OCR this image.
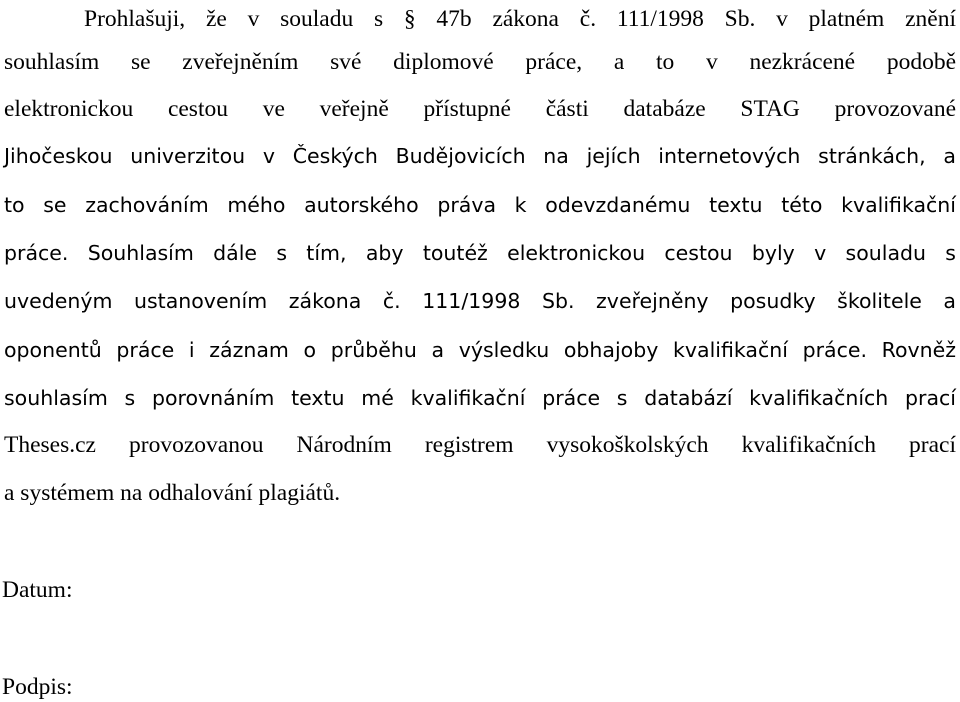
Prohlašuji, že v souladu s § 47b zákona č. 111/1998 Sb. v platném znění
souhlasím se zveřejněním své diplomové práce, a to v nezkrácené podobě
elektronickou cestou ve veřejně přístupné části databáze STAG provozované
Jihočeskou univerzitou v Českých Budějovicích na jejích internetových stránkách, a
to se zachováním mého autorského práva k odevzdanému textu této kvalifikační
práce. Souhlasím dále s tím, aby toutéž elektronickou cestou byly v souladu s
uvedeným ustanovením zákona č. 111/1998 Sb. zveřejněny posudky školitele a
oponentů práce i záznam o průběhu a výsledku obhajoby kvalifikační práce. Rovněž
souhlasím s porovnáním textu mé kvalifikační práce s databází kvalifikačních prací
Theses.cz provozovanou Národním registrem vysokoškolských kvalifikačních prací
a systémem na odhalování plagiátů.
Datum:
Podpis:
